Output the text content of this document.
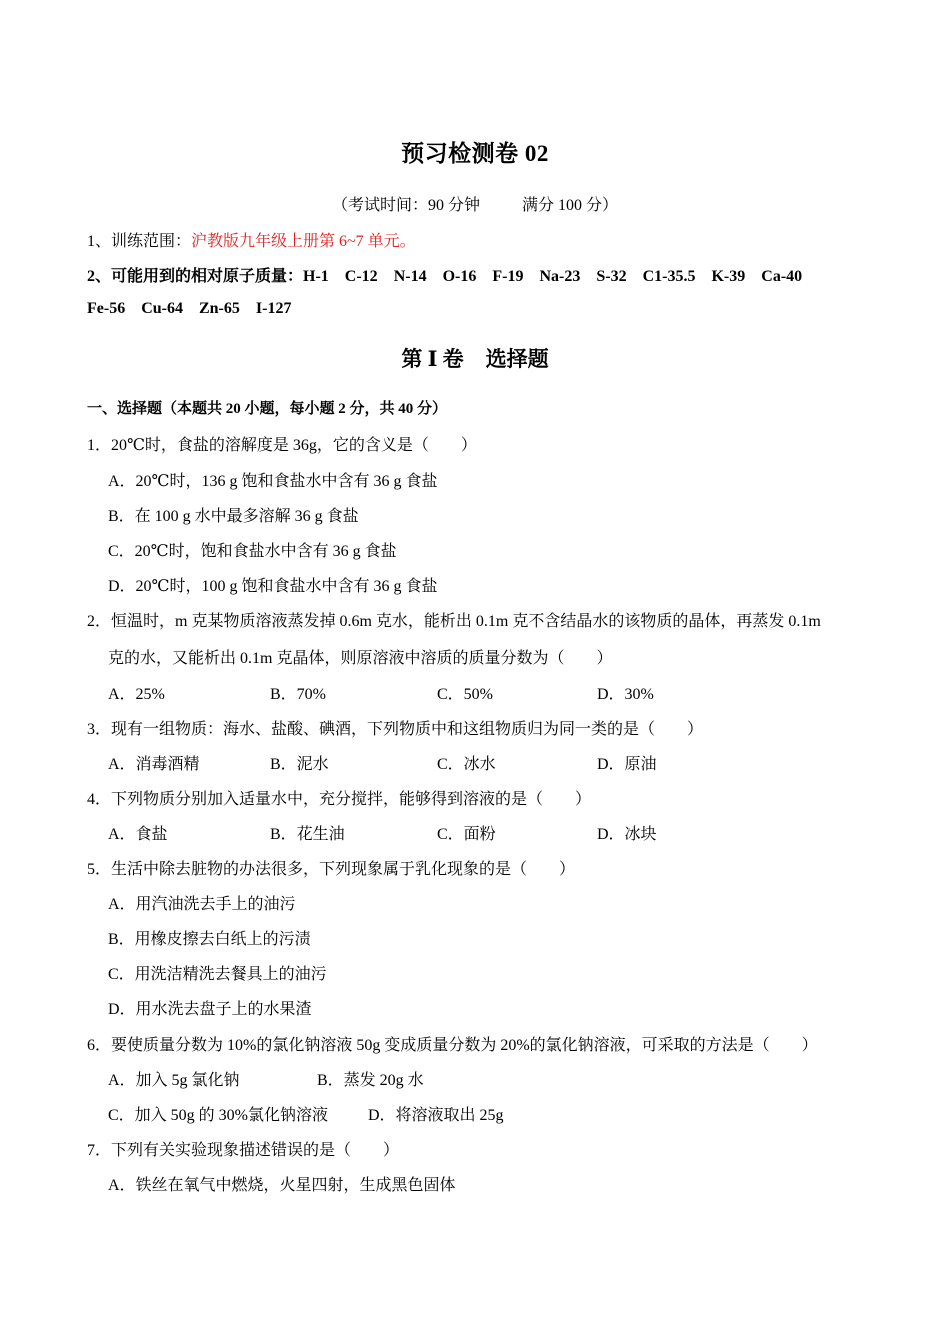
预习检测卷 02
（考试时间：90 分钟	满分 100 分）
1、训练范围：沪教版九年级上册第 6~7 单元。
2、可能用到的相对原子质量：H-1 C-12 N-14 O-16 F-19 Na-23 S-32 C1-35.5 K-39 Ca-40
Fe-56 Cu-64 Zn-65 I-127
第 Ⅰ 卷 选择题
一、选择题（本题共 20 小题，每小题 2 分，共 40 分）
1．20℃时，食盐的溶解度是 36g，它的含义是（　　）
A．20℃时，136 g 饱和食盐水中含有 36 g 食盐
B．在 100 g 水中最多溶解 36 g 食盐
C．20℃时，饱和食盐水中含有 36 g 食盐
D．20℃时，100 g 饱和食盐水中含有 36 g 食盐
2．恒温时，m 克某物质溶液蒸发掉 0.6m 克水，能析出 0.1m 克不含结晶水的该物质的晶体，再蒸发 0.1m
克的水，又能析出 0.1m 克晶体，则原溶液中溶质的质量分数为（　　）
A．25%	B．70%	C．50%	D．30%
3．现有一组物质：海水、盐酸、碘酒，下列物质中和这组物质归为同一类的是（　　）
A．消毒酒精	B．泥水	C．冰水	D．原油
4．下列物质分别加入适量水中，充分搅拌，能够得到溶液的是（　　）
A．食盐	B．花生油	C．面粉	D．冰块
5．生活中除去脏物的办法很多，下列现象属于乳化现象的是（　　）
A．用汽油洗去手上的油污
B．用橡皮擦去白纸上的污渍
C．用洗洁精洗去餐具上的油污
D．用水洗去盘子上的水果渣
6．要使质量分数为 10%的氯化钠溶液 50g 变成质量分数为 20%的氯化钠溶液，可采取的方法是（　　）
A．加入 5g 氯化钠	B．蒸发 20g 水
C．加入 50g 的 30%氯化钠溶液 D．将溶液取出 25g
7．下列有关实验现象描述错误的是（　　）
A．铁丝在氧气中燃烧，火星四射，生成黑色固体
